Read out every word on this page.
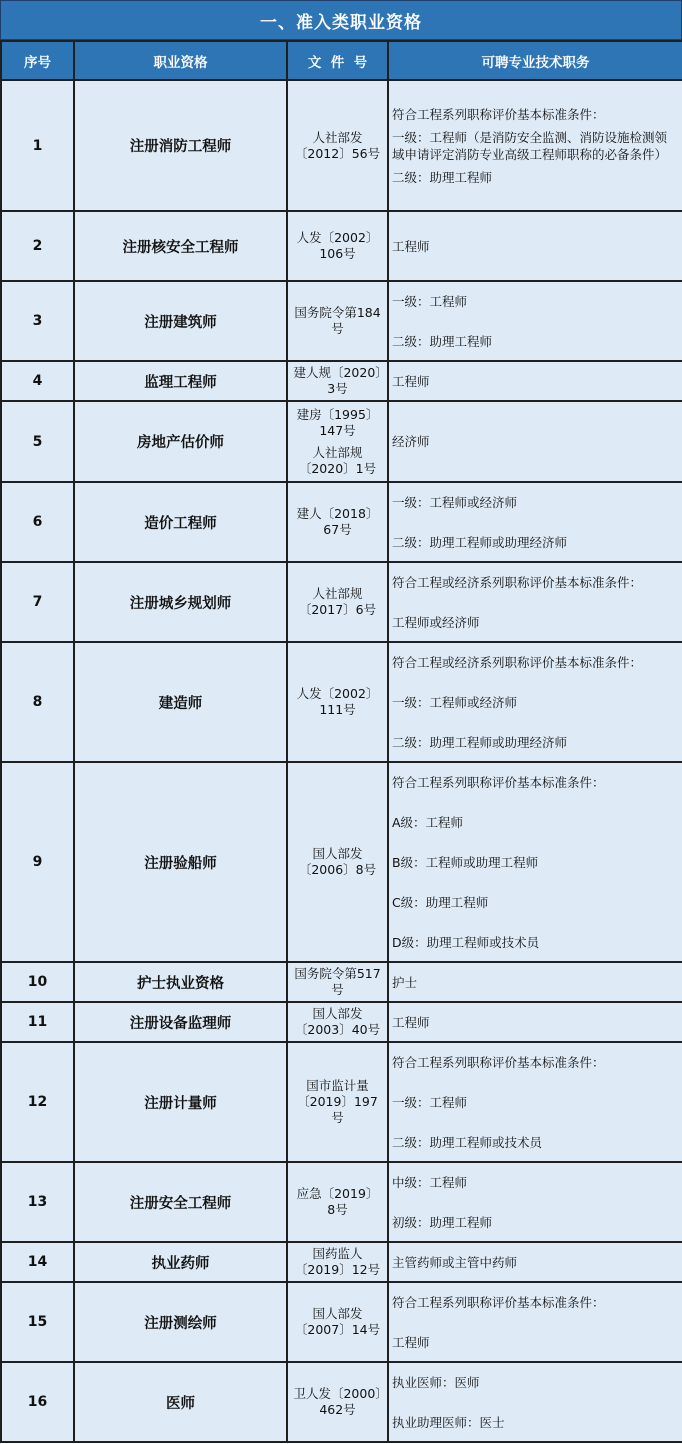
一、准入类职业资格
序号	职业资格	文  件  号	可聘专业技术职务
1	注册消防工程师	人社部发〔2012〕56号	符合工程系列职称评价基本标准条件：
一级：工程师（是消防安全监测、消防设施检测领域申请评定消防专业高级工程师职称的必备条件）
二级：助理工程师

2	注册核安全工程师	人发〔2002〕106号	工程师

3	注册建筑师	国务院令第184号	一级：工程师
二级：助理工程师

4	监理工程师	建人规〔2020〕3号	工程师

5	房地产估价师	建房〔1995〕147号
人社部规〔2020〕1号	经济师

6	造价工程师	建人〔2018〕67号	一级：工程师或经济师
二级：助理工程师或助理经济师

7	注册城乡规划师	人社部规〔2017〕6号	符合工程或经济系列职称评价基本标准条件：
工程师或经济师

8	建造师	人发〔2002〕111号	符合工程或经济系列职称评价基本标准条件：
一级：工程师或经济师
二级：助理工程师或助理经济师

9	注册验船师	国人部发〔2006〕8号	符合工程系列职称评价基本标准条件：
A级：工程师
B级：工程师或助理工程师
C级：助理工程师
D级：助理工程师或技术员

10	护士执业资格	国务院令第517号	护士

11	注册设备监理师	国人部发〔2003〕40号	工程师

12	注册计量师	国市监计量〔2019〕197号	符合工程系列职称评价基本标准条件：
一级：工程师
二级：助理工程师或技术员

13	注册安全工程师	应急〔2019〕8号	中级：工程师
初级：助理工程师

14	执业药师	国药监人〔2019〕12号	主管药师或主管中药师

15	注册测绘师	国人部发〔2007〕14号	符合工程系列职称评价基本标准条件：
工程师

16	医师	卫人发〔2000〕462号	执业医师：医师
执业助理医师：医士
